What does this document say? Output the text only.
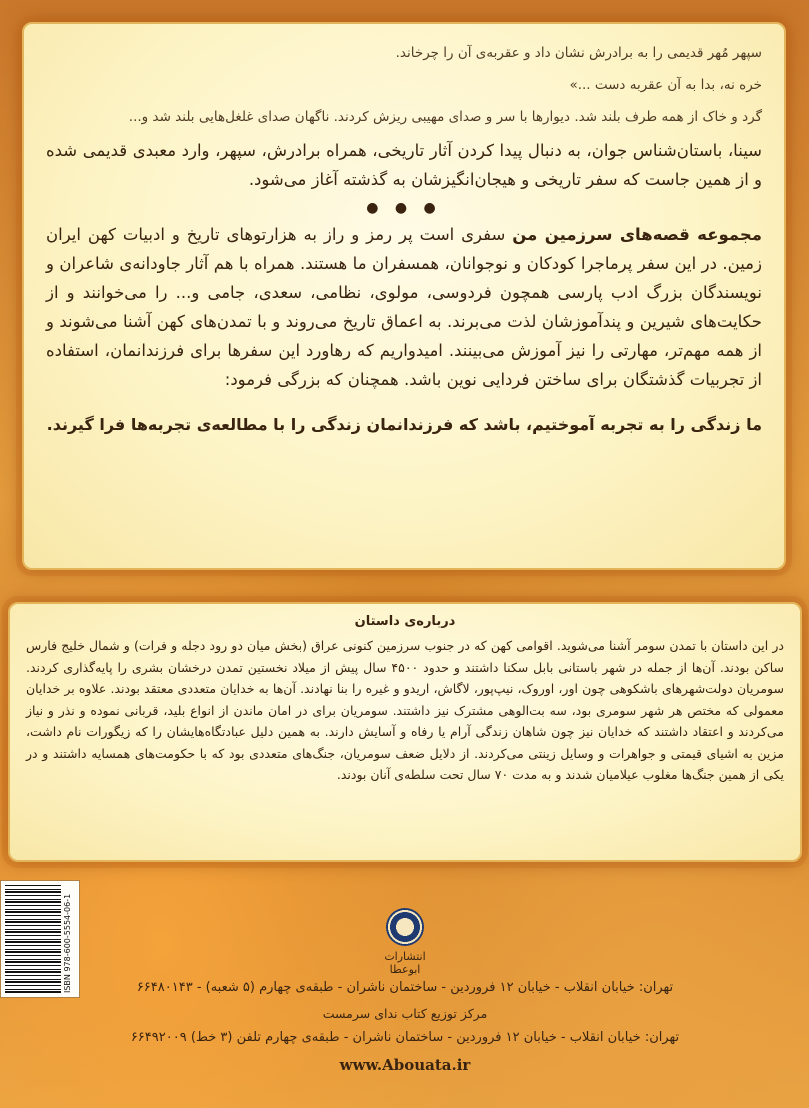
سپهر مُهر قدیمی را به برادرش نشان داد و عقربه‌ی آن را چرخاند.

خره نه، بدا به آن عقربه دست ...»

گرد و خاک از همه طرف بلند شد. دیوارها با سر و صدای مهیبی ریزش کردند. ناگهان صدای غلغل‌هایی بلند شد و...

سینا، باستان‌شناس جوان، به دنبال پیدا کردن آثار تاریخی، همراه برادرش، سپهر، وارد معبدی قدیمی شده و از همین جاست که سفر تاریخی و هیجان‌انگیزشان به گذشته آغاز می‌شود.

● ● ●

مجموعه قصه‌های سرزمین من سفری است پر رمز و راز به هزارتوهای تاریخ و ادبیات کهن ایران زمین. در این سفر پرماجرا کودکان و نوجوانان، همسفران ما هستند. همراه با هم آثار جاودانه‌ی شاعران و نویسندگان بزرگ ادب پارسی همچون فردوسی، مولوی، نظامی، سعدی، جامی و... را می‌خوانند و از حکایت‌های شیرین و پندآموزشان لذت می‌برند. به اعماق تاریخ می‌روند و با تمدن‌های کهن آشنا می‌شوند و از همه مهم‌تر، مهارتی را نیز آموزش می‌بینند. امیدواریم که رهاورد این سفرها برای فرزندانمان، استفاده از تجربیات گذشتگان برای ساختن فردایی نوین باشد. همچنان که بزرگی فرمود:

ما زندگی را به تجربه آموختیم، باشد که فرزندانمان زندگی را با مطالعه‌ی تجربه‌ها فرا گیرند.

درباره‌ی داستان

در این داستان با تمدن سومر آشنا می‌شوید. اقوامی کهن که در جنوب سرزمین کنونی عراق (بخش میان دو رود دجله و فرات) و شمال خلیج فارس ساکن بودند. آن‌ها از جمله در شهر باستانی بابل سکنا داشتند و حدود ۴۵۰۰ سال پیش از میلاد نخستین تمدن درخشان بشری را پایه‌گذاری کردند. سومریان دولت‌شهرهای باشکوهی چون اور، اوروک، نیپ‌پور، لاگاش، اریدو و غیره را بنا نهادند. آن‌ها به خدایان متعددی معتقد بودند. علاوه بر خدایان معمولی که مختص هر شهر سومری بود، سه بت‌الوهی مشترک نیز داشتند. سومریان برای در امان ماندن از انواع بلید، قربانی نموده و نذر و نیاز می‌کردند و اعتقاد داشتند که خدایان نیز چون شاهان زندگی آرام یا رفاه و آسایش دارند. به همین دلیل عبادتگاه‌هایشان را که زیگورات نام داشت، مزین به اشیای قیمتی و جواهرات و وسایل زینتی می‌کردند. از دلایل ضعف سومریان، جنگ‌های متعددی بود که با حکومت‌های همسایه داشتند و در یکی از همین جنگ‌ها مغلوب عیلامیان شدند و به مدت ۷۰ سال تحت سلطه‌ی آنان بودند.

ISBN 978-600-5554-06-1	انتشارات ابوعطا
تهران: خیابان انقلاب - خیابان ۱۲ فروردین - ساختمان ناشران - طبقه‌ی چهارم (۵ شعبه) - ۶۶۴۸۰۱۴۳
مرکز توزیع کتاب ندای سرمست
تهران: خیابان انقلاب - خیابان ۱۲ فروردین - ساختمان ناشران - طبقه‌ی چهارم تلفن (۳ خط) ۶۶۴۹۲۰۰۹
www.Abouata.ir
